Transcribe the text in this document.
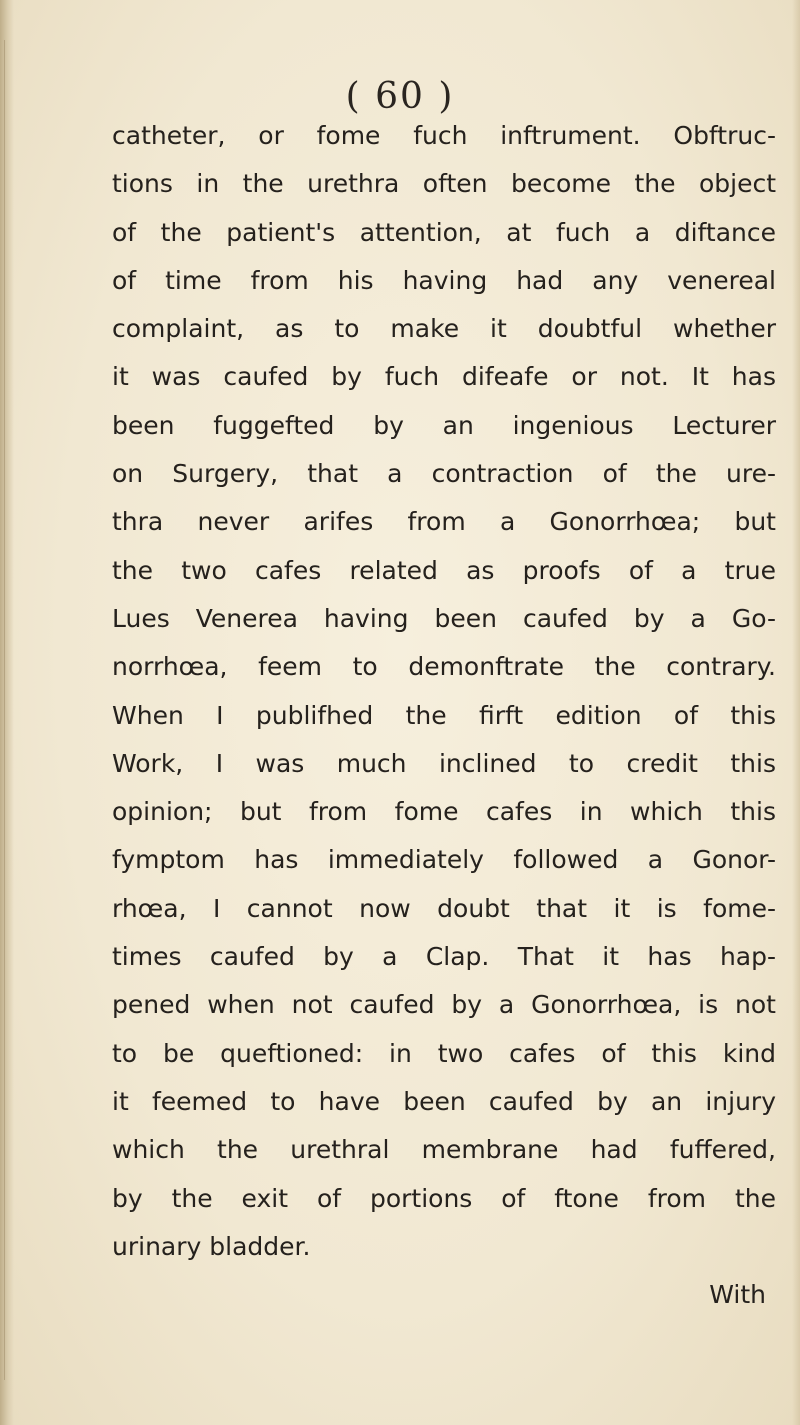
( 60 )
catheter, or fome fuch inftrument. Obftruc-
tions in the urethra often become the object
of the patient's attention, at fuch a diftance
of time from his having had any venereal
complaint, as to make it doubtful whether
it was caufed by fuch difeafe or not. It has
been fuggefted by an ingenious Lecturer
on Surgery, that a contraction of the ure-
thra never arifes from a Gonorrhœa; but
the two cafes related as proofs of a true
Lues Venerea having been caufed by a Go-
norrhœa, feem to demonftrate the contrary.
When I publifhed the firft edition of this
Work, I was much inclined to credit this
opinion; but from fome cafes in which this
fymptom has immediately followed a Gonor-
rhœa, I cannot now doubt that it is fome-
times caufed by a Clap. That it has hap-
pened when not caufed by a Gonorrhœa, is not
to be queftioned: in two cafes of this kind
it feemed to have been caufed by an injury
which the urethral membrane had fuffered,
by the exit of portions of ftone from the
urinary bladder.
With
